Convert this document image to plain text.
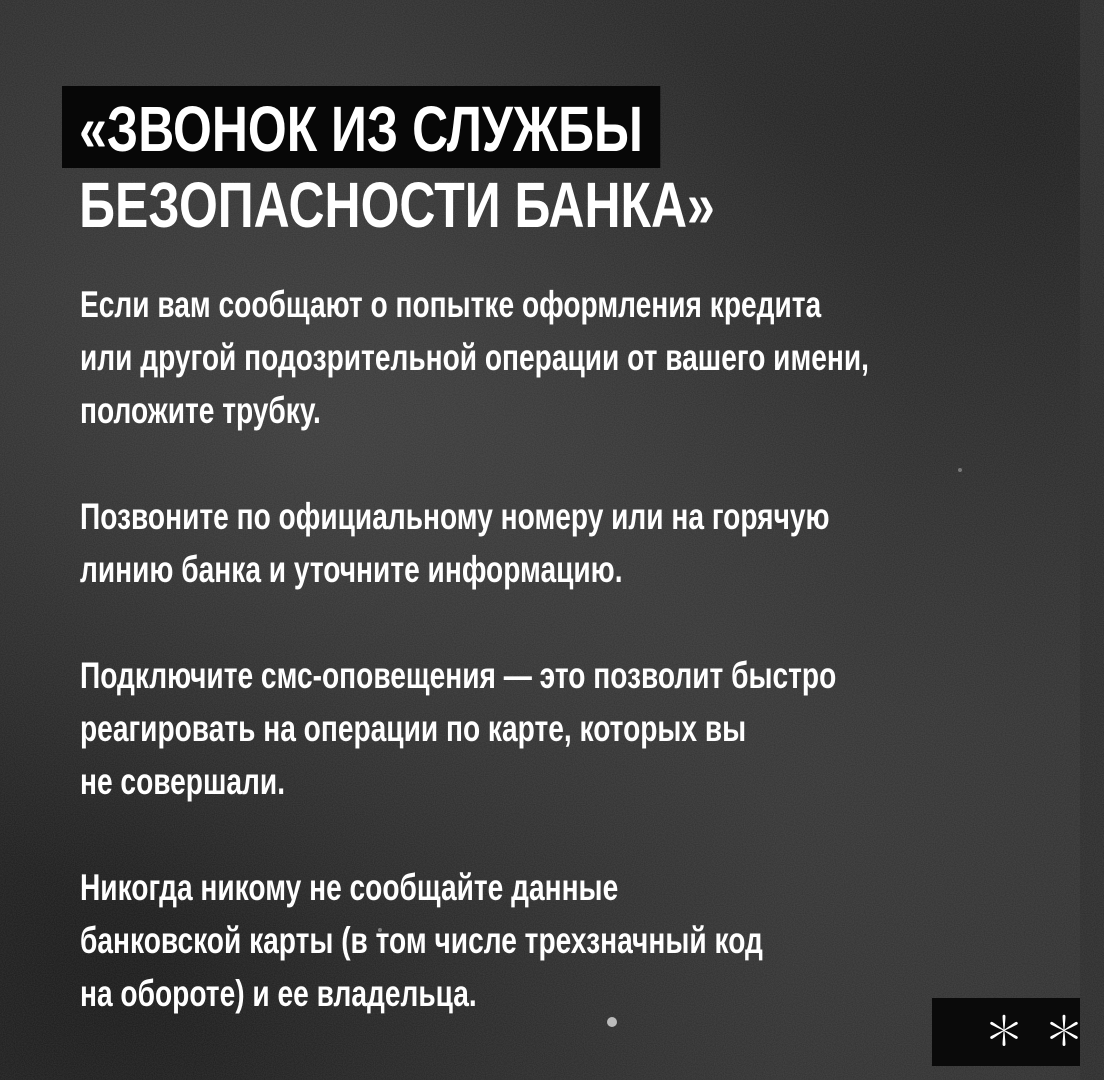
«ЗВОНОК ИЗ СЛУЖБЫ
БЕЗОПАСНОСТИ БАНКА»
Если вам сообщают о попытке оформления кредита
или другой подозрительной операции от вашего имени,
положите трубку.
Позвоните по официальному номеру или на горячую
линию банка и уточните информацию.
Подключите смс-оповещения — это позволит быстро
реагировать на операции по карте, которых вы
не совершали.
Никогда никому не сообщайте данные
банковской карты (в том числе трехзначный код
на обороте) и ее владельца.
＊＊
